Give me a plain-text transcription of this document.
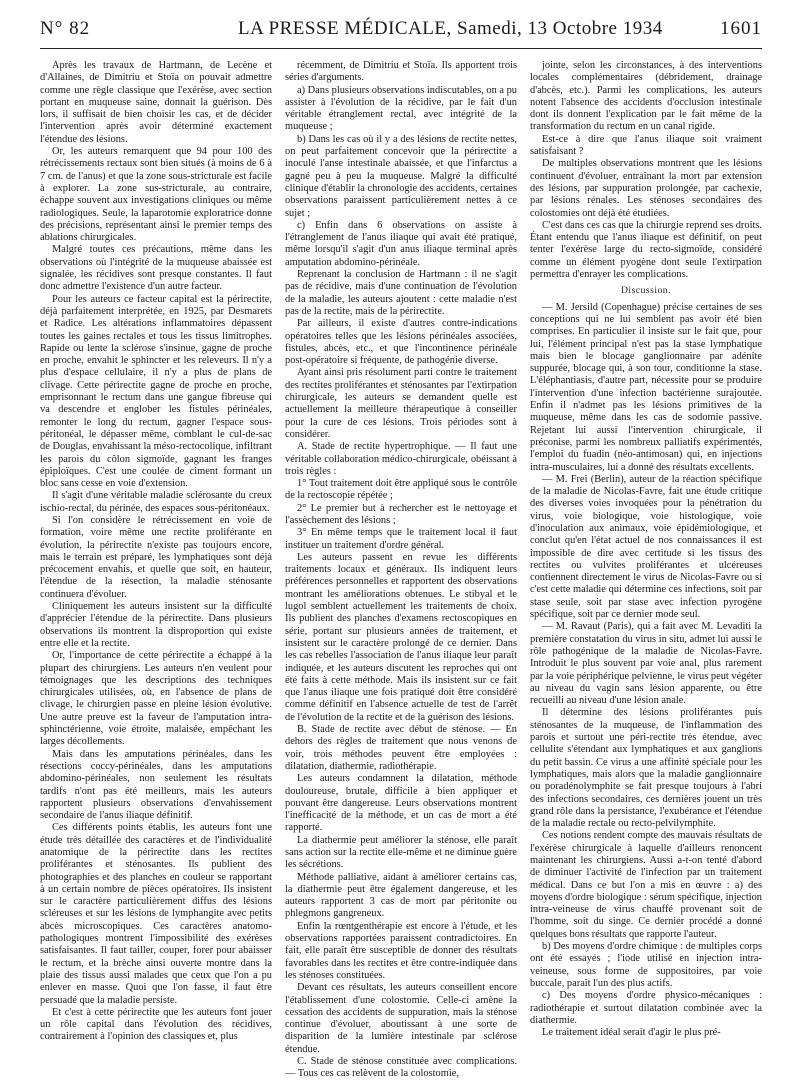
N° 82	LA PRESSE MÉDICALE, Samedi, 13 Octobre 1934	1601

Après les travaux de Hartmann, de Lecène et d'Allaines, de Dimitriu et Stoïa on pouvait admettre comme une règle classique que l'exérèse, avec section portant en muqueuse saine, donnait la guérison. Dès lors, il suffisait de bien choisir les cas, et de décider l'intervention après avoir déterminé exactement l'étendue des lésions.

Or, les auteurs remarquent que 94 pour 100 des rétrécissements rectaux sont bien situés (à moins de 6 à 7 cm. de l'anus) et que la zone sous-stricturale est facile à explorer. La zone sus-stricturale, au contraire, échappe souvent aux investigations cliniques ou même radiologiques. Seule, la laparotomie exploratrice donne des précisions, représentant ainsi le premier temps des ablations chirurgicales.

Malgré toutes ces précautions, même dans les observations où l'intégrité de la muqueuse abaissée est signalée, les récidives sont presque constantes. Il faut donc admettre l'existence d'un autre facteur.

Pour les auteurs ce facteur capital est la périrectite, déjà parfaitement interprétée, en 1925, par Desmarets et Radice. Les altérations inflammatoires dépassent toutes les gaines rectales et tous les tissus limitrophes. Rapide ou lente la sclérose s'insinue, gagne de proche en proche, envahit le sphincter et les releveurs. Il n'y a plus d'espace cellulaire, il n'y a plus de plans de clivage. Cette périrectite gagne de proche en proche, emprisonnant le rectum dans une gangue fibreuse qui va descendre et englober les fistules périnéales, remonter le long du rectum, gagner l'espace sous-péritonéal, le dépasser même, comblant le cul-de-sac de Douglas, envahissant la méso-rectocolique, infiltrant les parois du côlon sigmoïde, gagnant les franges épiploïques. C'est une coulée de ciment formant un bloc sans cesse en voie d'extension.

Il s'agit d'une véritable maladie sclérosante du creux ischio-rectal, du périnée, des espaces sous-péritonéaux.

Si l'on considère le rétrécissement en voie de formation, voire même une rectite proliférante en évolution, la périrectite n'existe pas toujours encore, mais le terrain est préparé, les lymphatiques sont déjà précocement envahis, et quelle que soit, en hauteur, l'étendue de la résection, la maladie sténosante continuera d'évoluer.

Cliniquement les auteurs insistent sur la difficulté d'apprécier l'étendue de la périrectite. Dans plusieurs observations ils montrent la disproportion qui existe entre elle et la rectite.

Or, l'importance de cette périrectite a échappé à la plupart des chirurgiens. Les auteurs n'en veulent pour témoignages que les descriptions des techniques chirurgicales utilisées, où, en l'absence de plans de clivage, le chirurgien passe en pleine lésion évolutive. Une autre preuve est la faveur de l'amputation intra-sphinctérienne, voie étroite, malaisée, empêchant les larges décollements.

Mais dans les amputations périnéales, dans les résections coccy-périnéales, dans les amputations abdomino-périnéales, non seulement les résultats tardifs n'ont pas été meilleurs, mais les auteurs rapportent plusieurs observations d'envahissement secondaire de l'anus iliaque définitif.

Ces différents points établis, les auteurs font une étude très détaillée des caractères et de l'individualité anatomique de la périrectite dans les rectites proliférantes et sténosantes. Ils publient des photographies et des planches en couleur se rapportant à un certain nombre de pièces opératoires. Ils insistent sur le caractère particulièrement diffus des lésions scléreuses et sur les lésions de lymphangite avec petits abcès microscopiques. Ces caractères anatomo-pathologiques montrent l'impossibilité des exérèses satisfaisantes. Il faut tailler, couper, forer pour abaisser le rectum, et la brèche ainsi ouverte montre dans la plaie des tissus aussi malades que ceux que l'on a pu enlever en masse. Quoi que l'on fasse, il faut être persuadé que la maladie persiste.

Et c'est à cette périrectite que les auteurs font jouer un rôle capital dans l'évolution des récidives, contrairement à l'opinion des classiques et, plus

récemment, de Dimitriu et Stoïa. Ils apportent trois séries d'arguments.

a) Dans plusieurs observations indiscutables, on a pu assister à l'évolution de la récidive, par le fait d'un véritable étranglement rectal, avec intégrité de la muqueuse ;

b) Dans les cas où il y a des lésions de rectite nettes, on peut parfaitement concevoir que la périrectite a inoculé l'anse intestinale abaissée, et que l'infarctus a gagné peu à peu la muqueuse. Malgré la difficulté clinique d'établir la chronologie des accidents, certaines observations paraissent particulièrement nettes à ce sujet ;

c) Enfin dans 6 observations on assiste à l'étranglement de l'anus iliaque qui avait été pratiqué, même lorsqu'il s'agit d'un anus iliaque terminal après amputation abdomino-périnéale.

Reprenant la conclusion de Hartmann : il ne s'agit pas de récidive, mais d'une continuation de l'évolution de la maladie, les auteurs ajoutent : cette maladie n'est pas de la rectite, mais de la périrectite.

Par ailleurs, il existe d'autres contre-indications opératoires telles que les lésions périnéales associées, fistules, abcès, etc., et que l'incontinence périnéale post-opératoire si fréquente, de pathogénie diverse.

Ayant ainsi pris résolument parti contre le traitement des rectites proliférantes et sténosantes par l'extirpation chirurgicale, les auteurs se demandent quelle est actuellement la meilleure thérapeutique à conseiller pour la cure de ces lésions. Trois périodes sont à considérer.

A. Stade de rectite hypertrophique. — Il faut une véritable collaboration médico-chirurgicale, obéissant à trois règles :

1° Tout traitement doit être appliqué sous le contrôle de la rectoscopie répétée ;

2° Le premier but à rechercher est le nettoyage et l'assèchement des lésions ;

3° En même temps que le traitement local il faut instituer un traitement d'ordre général.

Les auteurs passent en revue les différents traitements locaux et généraux. Ils indiquent leurs préférences personnelles et rapportent des observations montrant les améliorations obtenues. Le stibyal et le lugol semblent actuellement les traitements de choix. Ils publient des planches d'examens rectoscopiques en série, portant sur plusieurs années de traitement, et insistent sur le caractère prolongé de ce dernier. Dans les cas rebelles l'association de l'anus iliaque leur paraît indiquée, et les auteurs discutent les reproches qui ont été faits à cette méthode. Mais ils insistent sur ce fait que l'anus iliaque une fois pratiqué doit être considéré comme définitif en l'absence actuelle de test de l'arrêt de l'évolution de la rectite et de la guérison des lésions.

B. Stade de rectite avec début de sténose. — En dehors des règles de traitement que nous venons de voir, trois méthodes peuvent être employées : dilatation, diathermie, radiothérapie.

Les auteurs condamnent la dilatation, méthode douloureuse, brutale, difficile à bien appliquer et pouvant être dangereuse. Leurs observations montrent l'inefficacité de la méthode, et un cas de mort a été rapporté.

La diathermie peut améliorer la sténose, elle paraît sans action sur la rectite elle-même et ne diminue guère les sécrétions.

Méthode palliative, aidant à améliorer certains cas, la diathermie peut être également dangereuse, et les auteurs rapportent 3 cas de mort par péritonite ou phlegmons gangreneux.

Enfin la rœntgenthérapie est encore à l'étude, et les observations rapportées paraissent contradictoires. En fait, elle paraît être susceptible de donner des résultats favorables dans les rectites et être contre-indiquée dans les sténoses constituées.

Devant ces résultats, les auteurs conseillent encore l'établissement d'une colostomie. Celle-ci amène la cessation des accidents de suppuration, mais la sténose continue d'évoluer, aboutissant à une sorte de disparition de la lumière intestinale par sclérose étendue.

C. Stade de sténose constituée avec complications. — Tous ces cas relèvent de la colostomie,

jointe, selon les circonstances, à des interventions locales complémentaires (débridement, drainage d'abcès, etc.). Parmi les complications, les auteurs notent l'absence des accidents d'occlusion intestinale dont ils donnent l'explication par le fait même de la transformation du rectum en un canal rigide.

Est-ce à dire que l'anus iliaque soit vraiment satisfaisant ?

De multiples observations montrent que les lésions continuent d'évoluer, entraînant la mort par extension des lésions, par suppuration prolongée, par cachexie, par lésions rénales. Les sténoses secondaires des colostomies ont déjà été étudiées.

C'est dans ces cas que la chirurgie reprend ses droits. Étant entendu que l'anus iliaque est définitif, on peut tenter l'exérèse large du recto-sigmoïde, considéré comme un élément pyogène dont seule l'extirpation permettra d'enrayer les complications.

Discussion.

— M. Jersild (Copenhague) précise certaines de ses conceptions qui ne lui semblent pas avoir été bien comprises. En particulier il insiste sur le fait que, pour lui, l'élément principal n'est pas la stase lymphatique mais bien le blocage ganglionnaire par adénite suppurée, blocage qui, à son tour, conditionne la stase. L'éléphantiasis, d'autre part, nécessite pour se produire l'intervention d'une infection bactérienne surajoutée. Enfin il n'admet pas les lésions primitives de la muqueuse, même dans les cas de sodomie passive. Rejetant lui aussi l'intervention chirurgicale, il préconise, parmi les nombreux palliatifs expérimentés, l'emploi du fuadin (néo-antimosan) qui, en injections intra-musculaires, lui a donné des résultats excellents.

— M. Frei (Berlin), auteur de la réaction spécifique de la maladie de Nicolas-Favre, fait une étude critique des diverses voies invoquées pour la pénétration du virus, voie biologique, voie histologique, voie d'inoculation aux animaux, voie épidémiologique, et conclut qu'en l'état actuel de nos connaissances il est impossible de dire avec certitude si les tissus des rectites ou vulvites proliférantes et ulcéreuses contiennent directement le virus de Nicolas-Favre ou si c'est cette maladie qui détermine ces infections, soit par stase seule, soit par stase avec infection pyrogène spécifique, soit par ce dernier mode seul.

— M. Ravaut (Paris), qui a fait avec M. Levaditi la première constatation du virus in situ, admet lui aussi le rôle pathogénique de la maladie de Nicolas-Favre. Introduit le plus souvent par voie anal, plus rarement par la voie périphérique pelvienne, le virus peut végéter au niveau du vagin sans lésion apparente, ou être recueilli au niveau d'une lésion anale.

Il détermine des lésions proliférantes puis sténosantes de la muqueuse, de l'inflammation des parois et surtout une péri-rectite très étendue, avec cellulite s'étendant aux lymphatiques et aux ganglions du petit bassin. Ce virus a une affinité spéciale pour les lymphatiques, mais alors que la maladie ganglionnaire ou poradénolymphite se fait presque toujours à l'abri des infections secondaires, ces dernières jouent un très grand rôle dans la persistance, l'exubérance et l'étendue de la maladie rectale ou recto-pelvilymphite.

Ces notions rendent compte des mauvais résultats de l'exérèse chirurgicale à laquelle d'ailleurs renoncent maintenant les chirurgiens. Aussi a-t-on tenté d'abord de diminuer l'activité de l'infection par un traitement médical. Dans ce but l'on a mis en œuvre : a) des moyens d'ordre biologique : sérum spécifique, injection intra-veineuse de virus chauffé provenant soit de l'homme, soit du singe. Ce dernier procédé a donné quelques bons résultats que rapporte l'auteur.

b) Des moyens d'ordre chimique : de multiples corps ont été essayés ; l'iode utilisé en injection intra-veineuse, sous forme de suppositoires, par voie buccale, paraît l'un des plus actifs.

c) Des moyens d'ordre physico-mécaniques : radiothérapie et surtout dilatation combinée avec la diathermie.

Le traitement idéal serait d'agir le plus pré-
